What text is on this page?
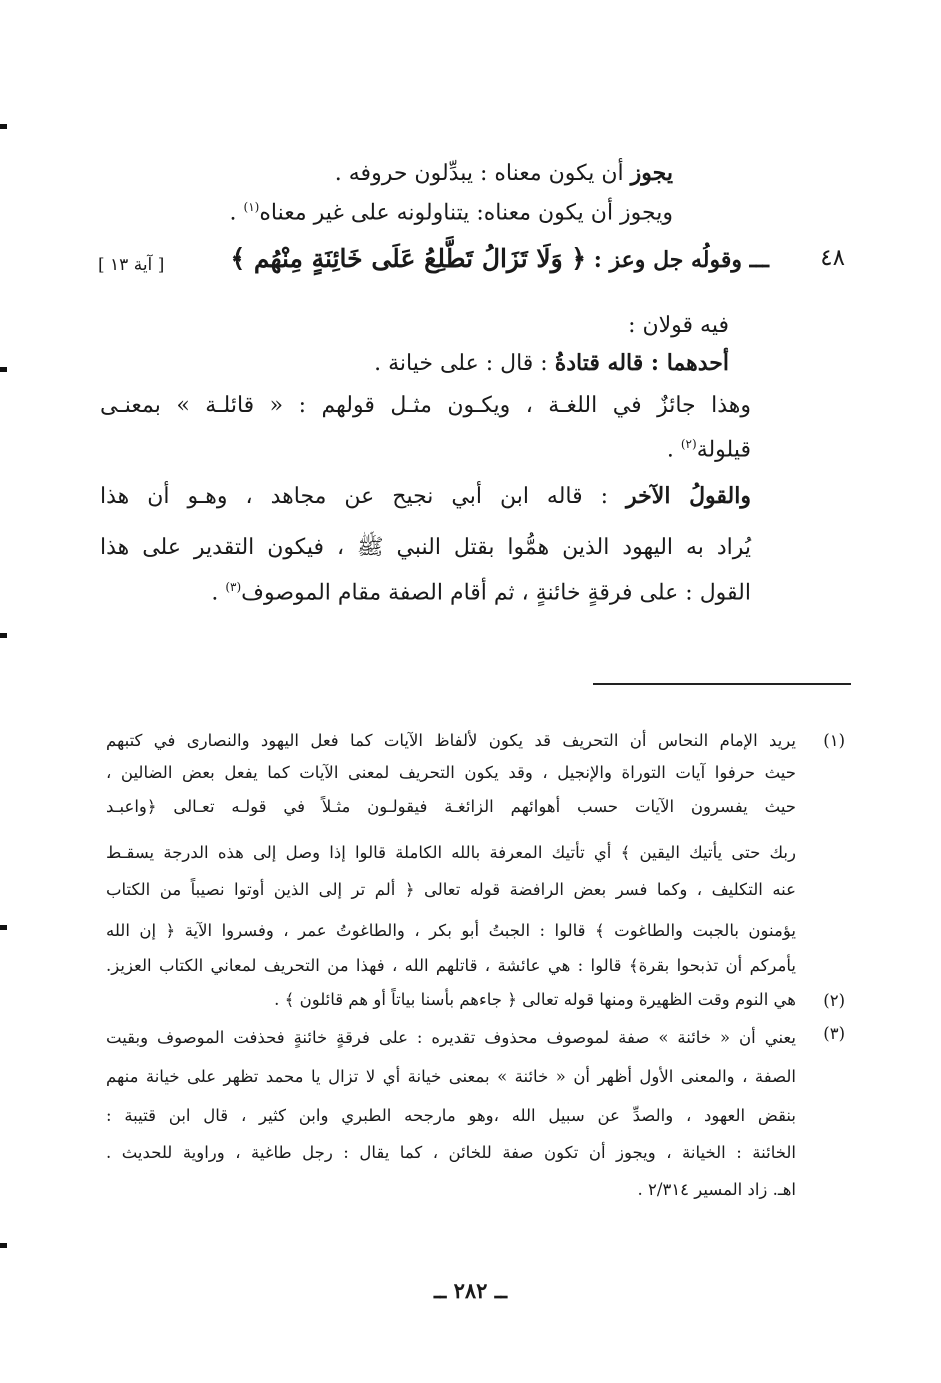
يجوز أن يكون معناه : يبدِّلون حروفه .
ويجوز أن يكون معناه: يتناولونه على غير معناه$^{(١)}$ .
٤٨
ـــ وقولُه جل وعز : ﴿ وَلَا تَزَالُ تَطَّلِعُ عَلَى خَائِنَةٍ مِنْهُم ﴾
[ آية ١٣ ]
فيه قولان :
أحدهما : قاله قتادةُ : قال : على خيانة .
وهذا جائزٌ في اللغـة ، ويكـون مثـل قولهم : « قائلـة » بمعنـى
قيلولة$^{(٢)}$ .
والقولُ الآخر : قاله ابن أبي نجيح عن مجاهد ، وهـو أن هذا
يُراد به اليهود الذين همُّوا بقتل النبي ﷺ ، فيكون التقدير على هذا
القول : على فرقةٍ خائنةٍ ، ثم أقام الصفة مقام الموصوف$^{(٣)}$ .
(١)
يريد الإمام النحاس أن التحريف قد يكون لألفاظ الآيات كما فعل اليهود والنصارى في كتبهم
حيث حرفوا آيات التوراة والإنجيل ، وقد يكون التحريف لمعنى الآيات كما يفعل بعض الضالين ،
حيث يفسرون الآيات حسب أهوائهم الزائغـة فيقولـون مثـلاً في قولـه تعـالى ﴿واعبـد
ربك حتى يأتيك اليقين ﴾ أي تأتيك المعرفة بالله الكاملة قالوا إذا وصل إلى هذه الدرجة يسقـط
عنه التكليف ، وكما فسر بعض الرافضة قوله تعالى ﴿ ألم تر إلى الذين أوتوا نصيباً من الكتاب
يؤمنون بالجبت والطاغوت ﴾ قالوا : الجبتُ أبو بكر ، والطاغوتُ عمر ، وفسروا الآية ﴿ إن الله
يأمركم أن تذبحوا بقرة﴾ قالوا : هي عائشة ، قاتلهم الله ، فهذا من التحريف لمعاني الكتاب العزيز.
(٢)
هي النوم وقت الظهيرة ومنها قوله تعالى ﴿ جاءهم بأسنا بياتاً أو هم قائلون ﴾ .
(٣)
يعني أن « خائنة » صفة لموصوف محذوف تقديره : على فرقةٍ خائنةٍ فحذفت الموصوف وبقيت
الصفة ، والمعنى الأول أظهر أن « خائنة » بمعنى خيانة أي لا تزال يا محمد تظهر على خيانة منهم
بنقض العهود ، والصدِّ عن سبيل الله ،وهو مارجحه الطبري وابن كثير ، قال ابن قتيبة :
الخائنة : الخيانة ، ويجوز أن تكون صفة للخائن ، كما يقال : رجل طاغية ، وراوية للحديث .
اهـ. زاد المسير ٢/٣١٤ .
ــ ٢٨٢ ــ
